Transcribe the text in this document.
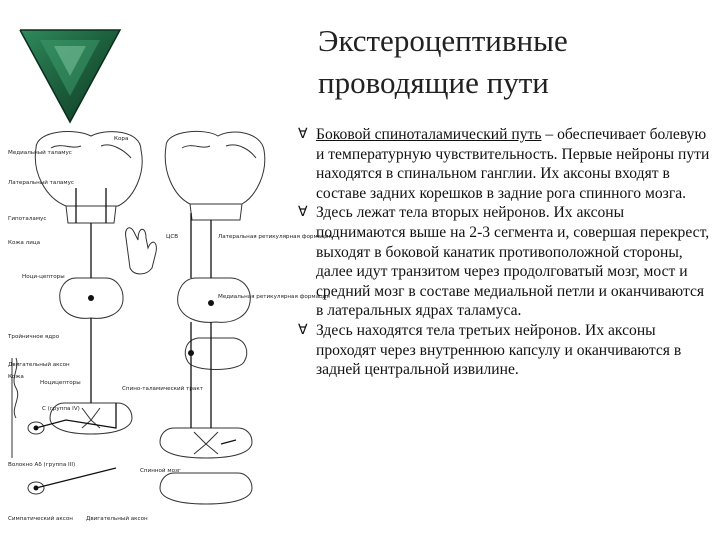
Экстероцептивные
проводящие пути
Кора
Медиальный таламус
Латеральный таламус
Гипоталамус
Кожа лица
Ноци-цепторы
ЦСВ	Латеральная ретикулярная формация
Медиальная ретикулярная формация
Тройничное ядро
Двигательный аксон
Кожа
Ноцицепторы
С (группа IV)
Волокно Aδ (группа III)
Спино-таламический тракт
Спинной мозг
Симпатический аксон Двигательный аксон
∀ Боковой спиноталамический путь – обеспечивает болевую и температурную чувствительность. Первые нейроны пути находятся в спинальном ганглии. Их аксоны входят в составе задних корешков в задние рога спинного мозга.
∀ Здесь лежат тела вторых нейронов. Их аксоны поднимаются выше на 2-3 сегмента и, совершая перекрест, выходят в боковой канатик противоположной стороны, далее идут транзитом через продолговатый мозг, мост и средний мозг в составе медиальной петли и оканчиваются в латеральных ядрах таламуса.
∀ Здесь находятся тела третьих нейронов. Их аксоны проходят через внутреннюю капсулу и оканчиваются в задней центральной извилине.
